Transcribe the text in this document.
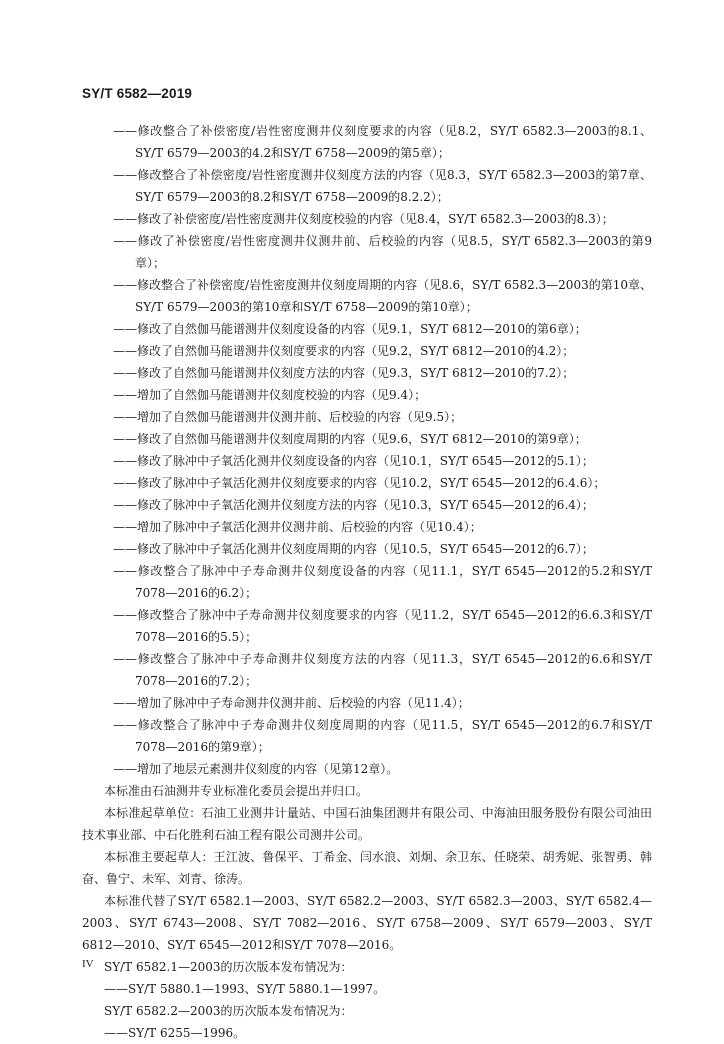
SY/T 6582—2019
——修改整合了补偿密度/岩性密度测井仪刻度要求的内容（见8.2，SY/T 6582.3—2003的8.1、SY/T 6579—2003的4.2和SY/T 6758—2009的第5章）；
——修改整合了补偿密度/岩性密度测井仪刻度方法的内容（见8.3，SY/T 6582.3—2003的第7章、SY/T 6579—2003的8.2和SY/T 6758—2009的8.2.2）；
——修改了补偿密度/岩性密度测井仪刻度校验的内容（见8.4，SY/T 6582.3—2003的8.3）；
——修改了补偿密度/岩性密度测井仪测井前、后校验的内容（见8.5，SY/T 6582.3—2003的第9章）；
——修改整合了补偿密度/岩性密度测井仪刻度周期的内容（见8.6，SY/T 6582.3—2003的第10章、SY/T 6579—2003的第10章和SY/T 6758—2009的第10章）；
——修改了自然伽马能谱测井仪刻度设备的内容（见9.1，SY/T 6812—2010的第6章）；
——修改了自然伽马能谱测井仪刻度要求的内容（见9.2，SY/T 6812—2010的4.2）；
——修改了自然伽马能谱测井仪刻度方法的内容（见9.3，SY/T 6812—2010的7.2）；
——增加了自然伽马能谱测井仪刻度校验的内容（见9.4）；
——增加了自然伽马能谱测井仪测井前、后校验的内容（见9.5）；
——修改了自然伽马能谱测井仪刻度周期的内容（见9.6，SY/T 6812—2010的第9章）；
——修改了脉冲中子氧活化测井仪刻度设备的内容（见10.1，SY/T 6545—2012的5.1）；
——修改了脉冲中子氧活化测井仪刻度要求的内容（见10.2，SY/T 6545—2012的6.4.6）；
——修改了脉冲中子氧活化测井仪刻度方法的内容（见10.3，SY/T 6545—2012的6.4）；
——增加了脉冲中子氧活化测井仪测井前、后校验的内容（见10.4）；
——修改了脉冲中子氧活化测井仪刻度周期的内容（见10.5，SY/T 6545—2012的6.7）；
——修改整合了脉冲中子寿命测井仪刻度设备的内容（见11.1，SY/T 6545—2012的5.2和SY/T 7078—2016的6.2）；
——修改整合了脉冲中子寿命测井仪刻度要求的内容（见11.2，SY/T 6545—2012的6.6.3和SY/T 7078—2016的5.5）；
——修改整合了脉冲中子寿命测井仪刻度方法的内容（见11.3，SY/T 6545—2012的6.6和SY/T 7078—2016的7.2）；
——增加了脉冲中子寿命测井仪测井前、后校验的内容（见11.4）；
——修改整合了脉冲中子寿命测井仪刻度周期的内容（见11.5，SY/T 6545—2012的6.7和SY/T 7078—2016的第9章）；
——增加了地层元素测井仪刻度的内容（见第12章）。
本标准由石油测井专业标准化委员会提出并归口。
本标准起草单位：石油工业测井计量站、中国石油集团测井有限公司、中海油田服务股份有限公司油田技术事业部、中石化胜利石油工程有限公司测井公司。
本标准主要起草人：王江波、鲁保平、丁希金、闫水浪、刘炯、余卫东、任晓荣、胡秀妮、张智勇、韩奋、鲁宁、未军、刘青、徐涛。
本标准代替了SY/T 6582.1—2003、SY/T 6582.2—2003、SY/T 6582.3—2003、SY/T 6582.4—2003、SY/T 6743—2008、SY/T 7082—2016、SY/T 6758—2009、SY/T 6579—2003、SY/T 6812—2010、SY/T 6545—2012和SY/T 7078—2016。
SY/T 6582.1—2003的历次版本发布情况为：
——SY/T 5880.1—1993、SY/T 5880.1—1997。
SY/T 6582.2—2003的历次版本发布情况为：
——SY/T 6255—1996。
IV
